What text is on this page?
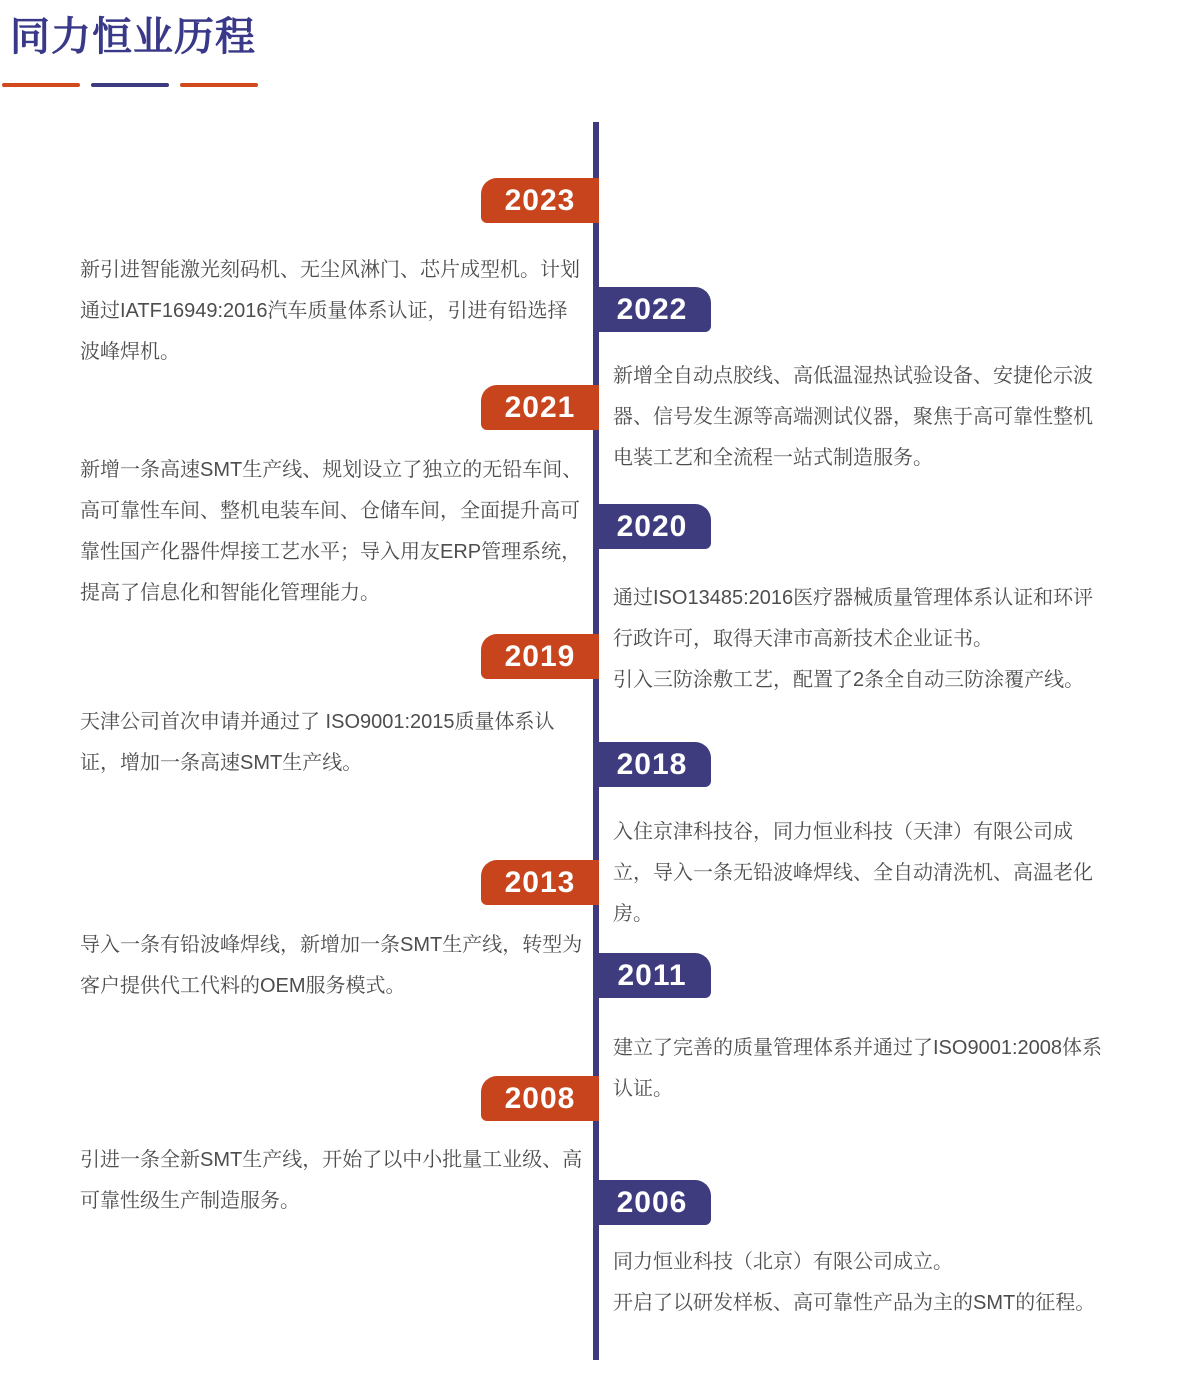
同力恒业历程
2023

新引进智能激光刻码机、无尘风淋门、芯片成型机。计划通过IATF16949:2016汽车质量体系认证，引进有铅选择波峰焊机。

2022

新增全自动点胶线、高低温湿热试验设备、安捷伦示波器、信号发生源等高端测试仪器，聚焦于高可靠性整机电装工艺和全流程一站式制造服务。

2021

新增一条高速SMT生产线、规划设立了独立的无铅车间、高可靠性车间、整机电装车间、仓储车间，全面提升高可靠性国产化器件焊接工艺水平；导入用友ERP管理系统，提高了信息化和智能化管理能力。

2020

通过ISO13485:2016医疗器械质量管理体系认证和环评行政许可，取得天津市高新技术企业证书。

引入三防涂敷工艺，配置了2条全自动三防涂覆产线。

2019

天津公司首次申请并通过了 ISO9001:2015质量体系认证，增加一条高速SMT生产线。	2018

入住京津科技谷，同力恒业科技（天津）有限公司成立，导入一条无铅波峰焊线、全自动清洗机、高温老化房。

2013

导入一条有铅波峰焊线，新增加一条SMT生产线，转型为客户提供代工代料的OEM服务模式。	2011

建立了完善的质量管理体系并通过了ISO9001:2008体系认证。

2008

引进一条全新SMT生产线，开始了以中小批量工业级、高可靠性级生产制造服务。	2006

同力恒业科技（北京）有限公司成立。

开启了以研发样板、高可靠性产品为主的SMT的征程。
